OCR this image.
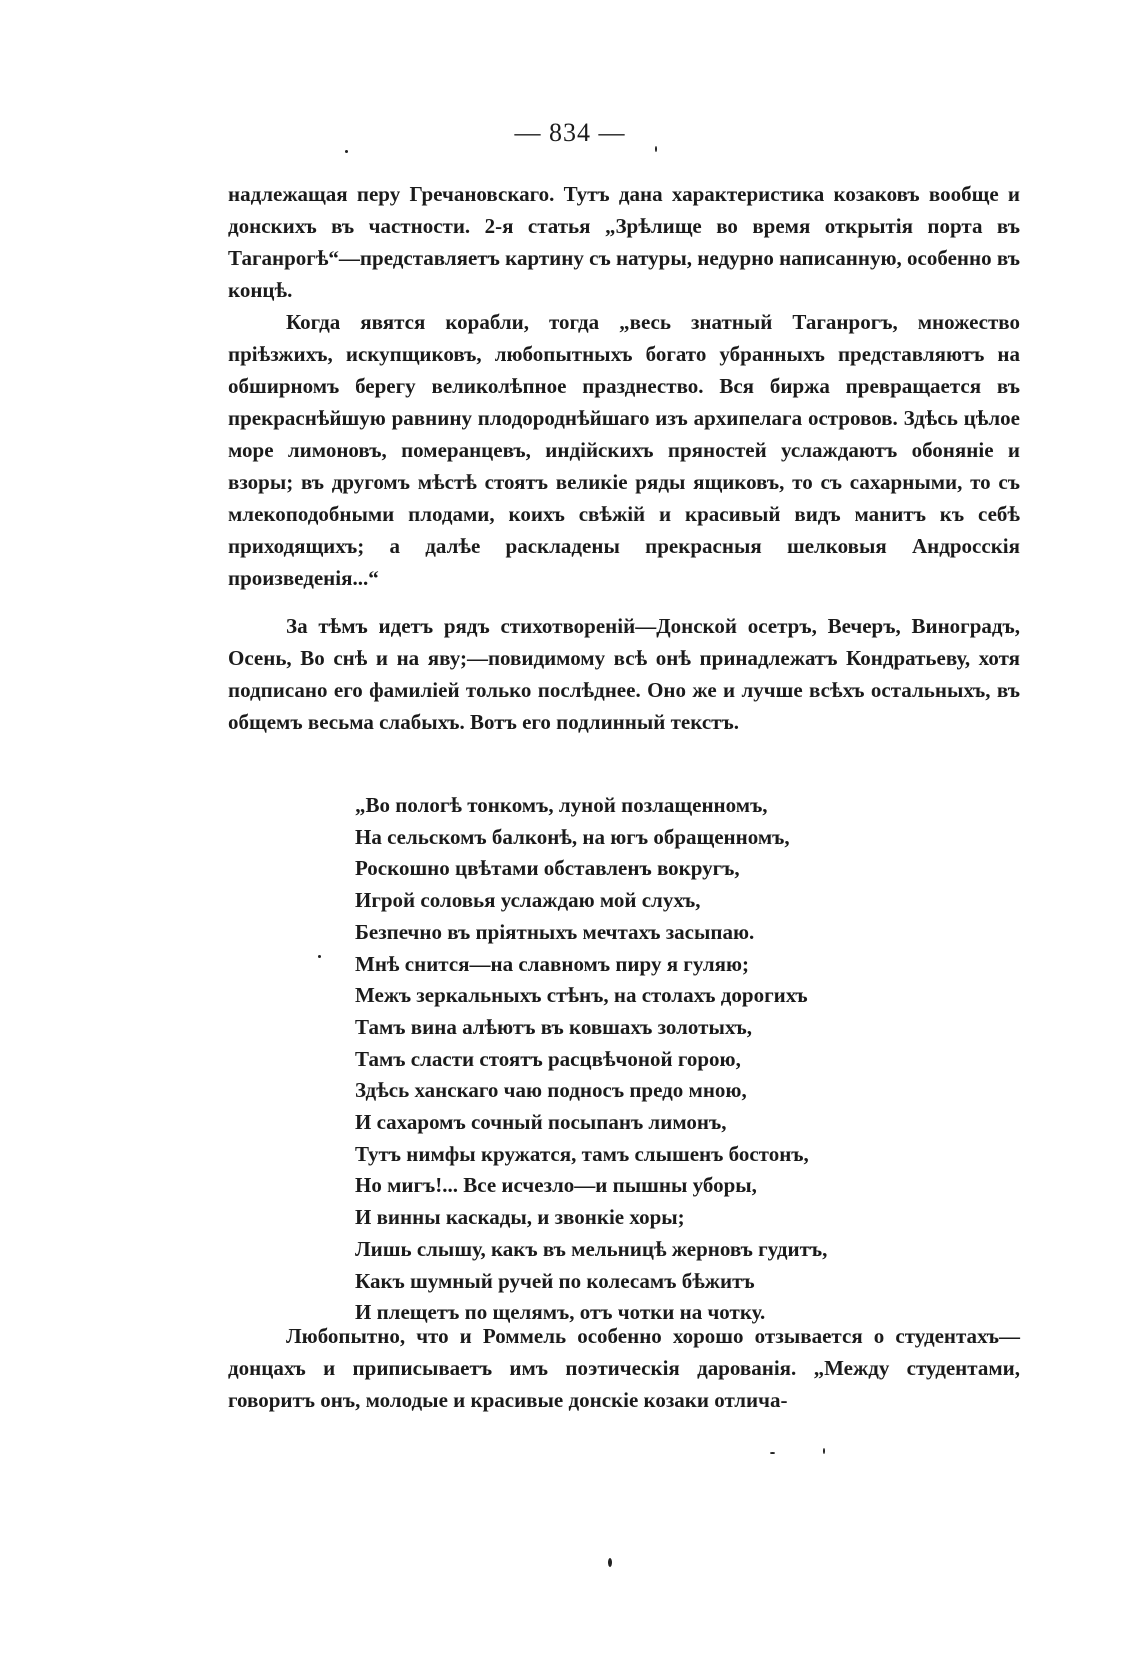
— 834 —

надлежащая перу Гречановскаго. Тутъ дана характеристика козаковъ вообще и донскихъ въ частности. 2-я статья „Зрѣлище во время открытія порта въ Таганрогѣ“—представляетъ картину съ натуры, недурно написанную, особенно въ концѣ.

Когда явятся корабли, тогда „весь знатный Таганрогъ, множество пріѣзжихъ, искупщиковъ, любопытныхъ богато убранныхъ представляютъ на обширномъ берегу великолѣпное празднество. Вся биржа превращается въ прекраснѣйшую равнину плодороднѣйшаго изъ архипелага островов. Здѣсь цѣлое море лимоновъ, померанцевъ, индійскихъ пряностей услаждаютъ обоняніе и взоры; въ другомъ мѣстѣ стоятъ великіе ряды ящиковъ, то съ сахарными, то съ млекоподобными плодами, коихъ свѣжій и красивый видъ манитъ къ себѣ приходящихъ; а далѣе раскладены прекрасныя шелковыя Андросскія произведенія...“

За тѣмъ идетъ рядъ стихотвореній—Донской осетръ, Вечеръ, Виноградъ, Осень, Во снѣ и на яву;—повидимому всѣ онѣ принадлежатъ Кондратьеву, хотя подписано его фамиліей только послѣднее. Оно же и лучше всѣхъ остальныхъ, въ общемъ весьма слабыхъ. Вотъ его подлинный текстъ.

„Во пологѣ тонкомъ, луной позлащенномъ,
На сельскомъ балконѣ, на югъ обращенномъ,
Роскошно цвѣтами обставленъ вокругъ,
Игрой соловья услаждаю мой слухъ,
Безпечно въ пріятныхъ мечтахъ засыпаю.
Мнѣ снится—на славномъ пиру я гуляю;
Межъ зеркальныхъ стѣнъ, на столахъ дорогихъ
Тамъ вина алѣютъ въ ковшахъ золотыхъ,
Тамъ сласти стоятъ расцвѣчоной горою,
Здѣсь ханскаго чаю подносъ предо мною,
И сахаромъ сочный посыпанъ лимонъ,
Тутъ нимфы кружатся, тамъ слышенъ бостонъ,
Но мигъ!... Все исчезло—и пышны уборы,
И винны каскады, и звонкіе хоры;
Лишь слышу, какъ въ мельницѣ жерновъ гудитъ,
Какъ шумный ручей по колесамъ бѣжитъ
И плещетъ по щелямъ, отъ чотки на чотку.

Любопытно, что и Роммель особенно хорошо отзывается о студентахъ—донцахъ и приписываетъ имъ поэтическія дарованія. „Между студентами, говоритъ онъ, молодые и красивые донскіе козаки отлича-
